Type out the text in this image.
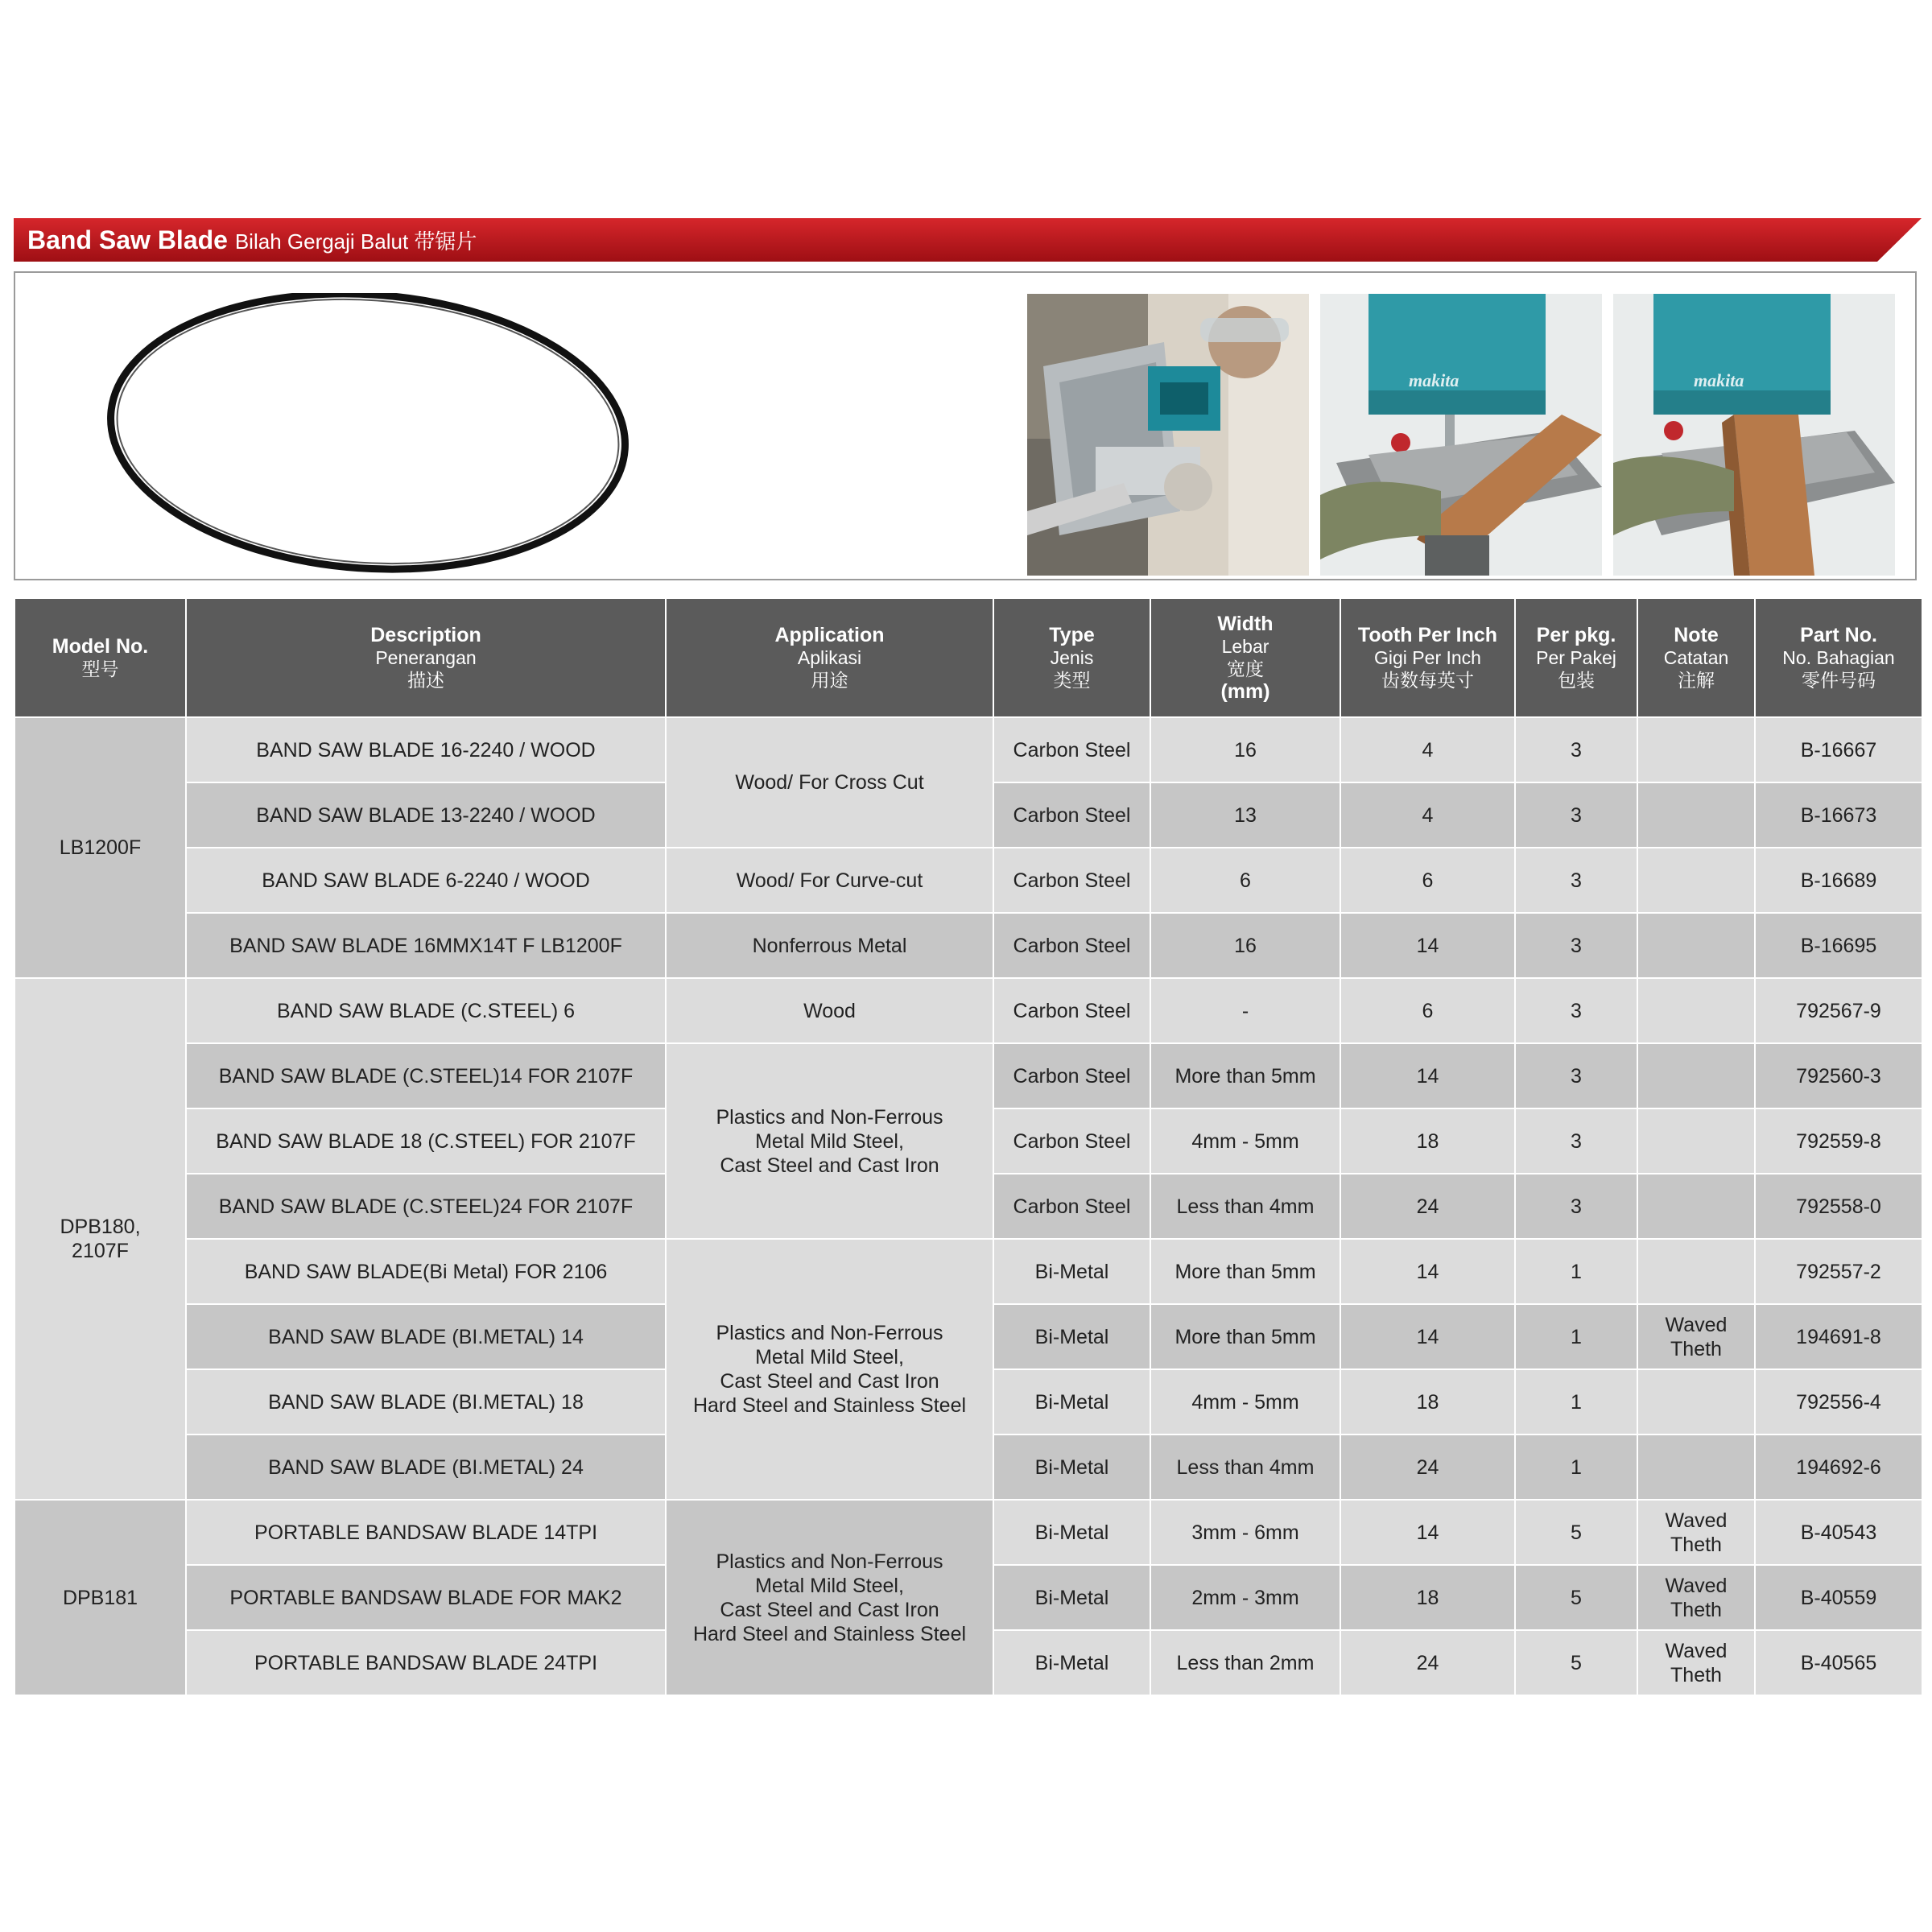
Band Saw Blade Bilah Gergaji Balut 带锯片
makita	makita
Model No.
型号	Description
Penerangan
描述	Application
Aplikasi
用途	Type
Jenis
类型	Width
Lebar
宽度
(mm)	Tooth Per Inch
Gigi Per Inch
齿数每英寸	Per pkg.
Per Pakej
包装	Note
Catatan
注解	Part No.
No. Bahagian
零件号码

LB1200F	BAND SAW BLADE 16-2240 / WOOD	Wood/ For Cross Cut	Carbon Steel	16	4	3		B-16667
	BAND SAW BLADE 13-2240 / WOOD		Carbon Steel	13	4	3		B-16673
	BAND SAW BLADE 6-2240 / WOOD	Wood/ For Curve-cut	Carbon Steel	6	6	3		B-16689
	BAND SAW BLADE 16MMX14T F LB1200F	Nonferrous Metal	Carbon Steel	16	14	3		B-16695
DPB180,
2107F	BAND SAW BLADE (C.STEEL) 6	Wood	Carbon Steel	-	6	3		792567-9
	BAND SAW BLADE (C.STEEL)14 FOR 2107F	Plastics and Non-Ferrous
Metal Mild Steel,
Cast Steel and Cast Iron	Carbon Steel	More than 5mm	14	3		792560-3
	BAND SAW BLADE 18 (C.STEEL) FOR 2107F		Carbon Steel	4mm - 5mm	18	3		792559-8
	BAND SAW BLADE (C.STEEL)24 FOR 2107F		Carbon Steel	Less than 4mm	24	3		792558-0
	BAND SAW BLADE(Bi Metal) FOR 2106	Plastics and Non-Ferrous
Metal Mild Steel,
Cast Steel and Cast Iron
Hard Steel and Stainless Steel	Bi-Metal	More than 5mm	14	1		792557-2
	BAND SAW BLADE (BI.METAL) 14		Bi-Metal	More than 5mm	14	1	Waved
Theth	194691-8
	BAND SAW BLADE (BI.METAL) 18		Bi-Metal	4mm - 5mm	18	1		792556-4
	BAND SAW BLADE (BI.METAL) 24		Bi-Metal	Less than 4mm	24	1		194692-6
DPB181	PORTABLE BANDSAW BLADE 14TPI	Plastics and Non-Ferrous
Metal Mild Steel,
Cast Steel and Cast Iron
Hard Steel and Stainless Steel	Bi-Metal	3mm - 6mm	14	5	Waved
Theth	B-40543
	PORTABLE BANDSAW BLADE FOR MAK2		Bi-Metal	2mm - 3mm	18	5	Waved
Theth	B-40559
	PORTABLE BANDSAW BLADE 24TPI		Bi-Metal	Less than 2mm	24	5	Waved
Theth	B-40565
